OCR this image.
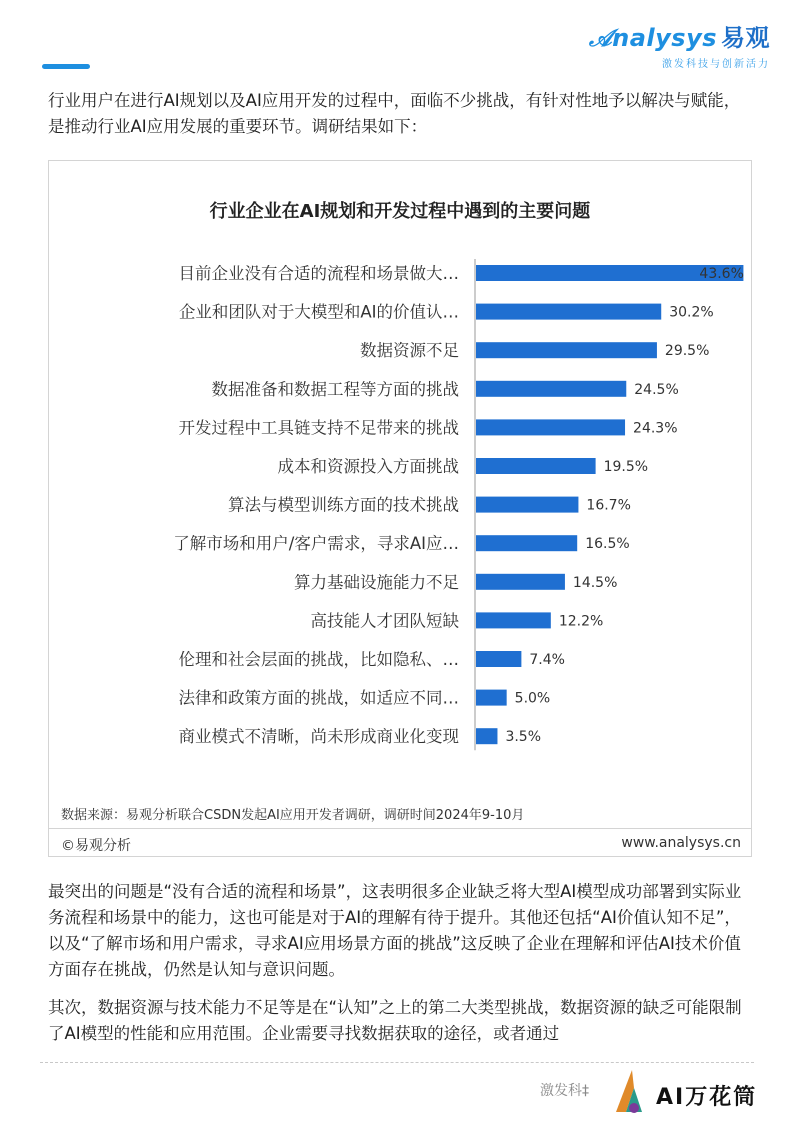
𝒜nalysys 易观
激发科技与创新活力

行业用户在进行AI规划以及AI应用开发的过程中，面临不少挑战，有针对性地予以解决与赋能，是推动行业AI应用发展的重要环节。调研结果如下：

行业企业在AI规划和开发过程中遇到的主要问题
目前企业没有合适的流程和场景做大…	43.6%
企业和团队对于大模型和AI的价值认…	30.2%
数据资源不足	29.5%
数据准备和数据工程等方面的挑战	24.5%
开发过程中工具链支持不足带来的挑战	24.3%
成本和资源投入方面挑战	19.5%
算法与模型训练方面的技术挑战	16.7%
了解市场和用户/客户需求，寻求AI应…	16.5%
算力基础设施能力不足	14.5%
高技能人才团队短缺	12.2%
伦理和社会层面的挑战，比如隐私、…	7.4%
法律和政策方面的挑战，如适应不同…	5.0%
商业模式不清晰，尚未形成商业化变现	3.5%
数据来源：易观分析联合CSDN发起AI应用开发者调研，调研时间2024年9-10月
©易观分析	www.analysys.cn

最突出的问题是“没有合适的流程和场景”，这表明很多企业缺乏将大型AI模型成功部署到实际业务流程和场景中的能力，这也可能是对于AI的理解有待于提升。其他还包括“AI价值认知不足”，以及“了解市场和用户需求，寻求AI应用场景方面的挑战”这反映了企业在理解和评估AI技术价值方面存在挑战，仍然是认知与意识问题。

其次，数据资源与技术能力不足等是在“认知”之上的第二大类型挑战，数据资源的缺乏可能限制了AI模型的性能和应用范围。企业需要寻找数据获取的途径，或者通过

激发科‡	AI万花筒
